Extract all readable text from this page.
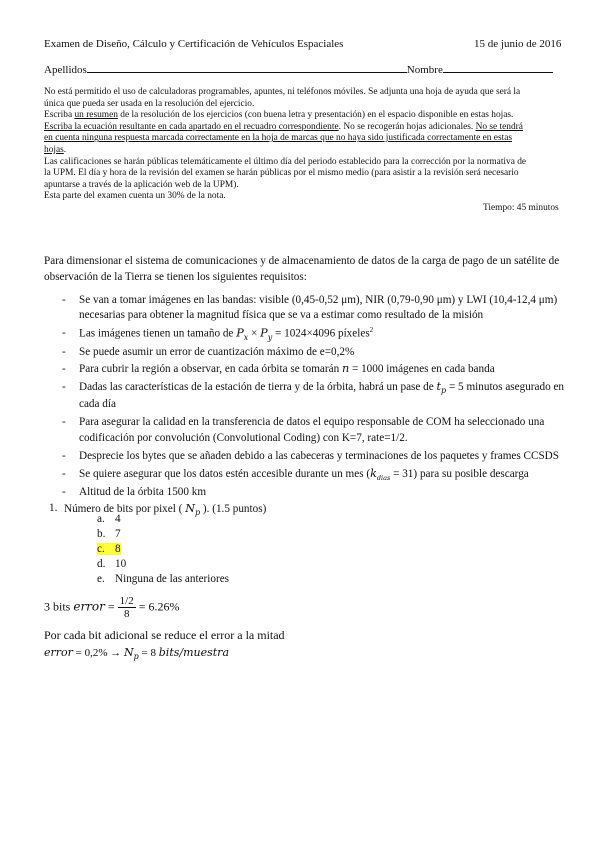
Examen de Diseño, Cálculo y Certificación de Vehículos Espaciales	15 de junio de 2016
Apellidos	Nombre
No está permitido el uso de calculadoras programables, apuntes, ni teléfonos móviles. Se adjunta una hoja de ayuda que será la
única que pueda ser usada en la resolución del ejercicio.
Escriba un resumen de la resolución de los ejercicios (con buena letra y presentación) en el espacio disponible en estas hojas.
Escriba la ecuación resultante en cada apartado en el recuadro correspondiente. No se recogerán hojas adicionales. No se tendrá
en cuenta ninguna respuesta marcada correctamente en la hoja de marcas que no haya sido justificada correctamente en estas
hojas.
Las calificaciones se harán públicas telemáticamente el último día del periodo establecido para la corrección por la normativa de
la UPM. El día y hora de la revisión del examen se harán públicas por el mismo medio (para asistir a la revisión será necesario
apuntarse a través de la aplicación web de la UPM).
Esta parte del examen cuenta un 30% de la nota.
Tiempo: 45 minutos
Para dimensionar el sistema de comunicaciones y de almacenamiento de datos de la carga de pago de un satélite de
observación de la Tierra se tienen los siguientes requisitos:
- Se van a tomar imágenes en las bandas: visible (0,45-0,52 μm), NIR (0,79-0,90 μm) y LWI (10,4-12,4 μm)
necesarias para obtener la magnitud física que se va a estimar como resultado de la misión
- Las imágenes tienen un tamaño de $P_x \times P_y = 1024\times 4096$ píxeles$^2$
- Se puede asumir un error de cuantización máximo de e=0,2%
- Para cubrir la región a observar, en cada órbita se tomarán n = 1000 imágenes en cada banda
- Dadas las características de la estación de tierra y de la órbita, habrá un pase de $t_p = 5$ minutos asegurado en
cada día
- Para asegurar la calidad en la transferencia de datos el equipo responsable de COM ha seleccionado una
codificación por convolución (Convolutional Coding) con K=7, rate=1/2.
- Desprecie los bytes que se añaden debido a las cabeceras y terminaciones de los paquetes y frames CCSDS
- Se quiere asegurar que los datos estén accesible durante un mes $(k_{dias} = 31)$ para su posible descarga
- Altitud de la órbita 1500 km
1. Número de bits por pixel ( $N_p$ ). (1.5 puntos)
a. 4
b. 7
c. 8
d. 10
e. Ninguna de las anteriores
3 bits error = $\frac{1/2}{8} = 6.26\%$
Por cada bit adicional se reduce el error a la mitad
error = $0,2\% \to N_p = 8$ bits/muestra
